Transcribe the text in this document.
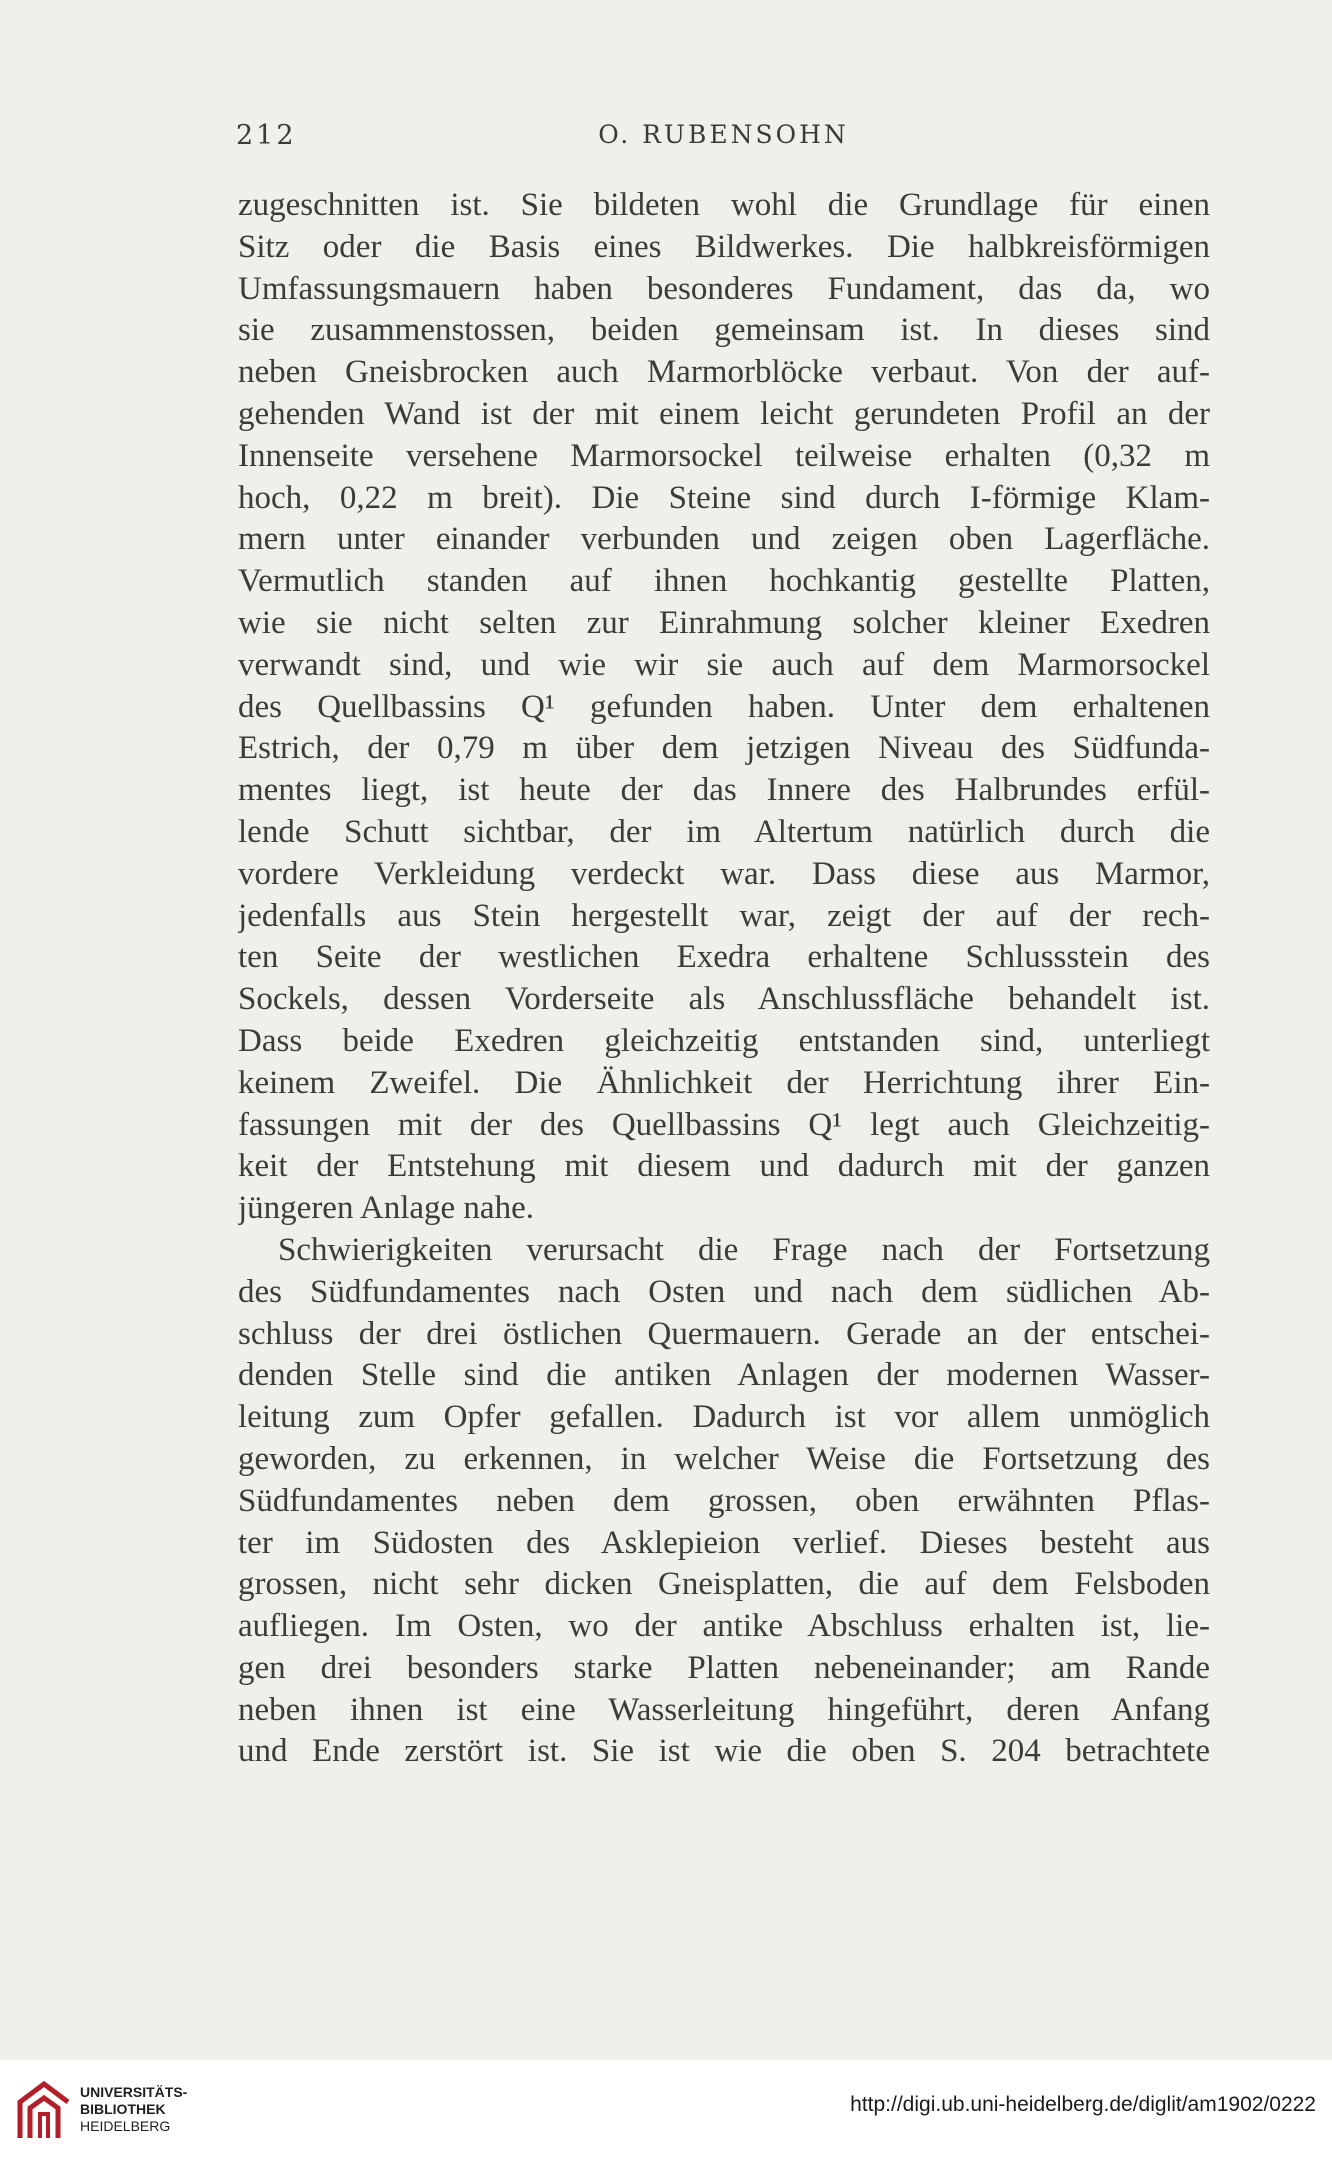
212	O. RUBENSOHN
zugeschnitten ist. Sie bildeten wohl die Grundlage für einen
Sitz oder die Basis eines Bildwerkes. Die halbkreisförmigen
Umfassungsmauern haben besonderes Fundament, das da, wo
sie zusammenstossen, beiden gemeinsam ist. In dieses sind
neben Gneisbrocken auch Marmorblöcke verbaut. Von der auf-
gehenden Wand ist der mit einem leicht gerundeten Profil an der
Innenseite versehene Marmorsockel teilweise erhalten (0,32 m
hoch, 0,22 m breit). Die Steine sind durch I-förmige Klam-
mern unter einander verbunden und zeigen oben Lagerfläche.
Vermutlich standen auf ihnen hochkantig gestellte Platten,
wie sie nicht selten zur Einrahmung solcher kleiner Exedren
verwandt sind, und wie wir sie auch auf dem Marmorsockel
des Quellbassins Q¹ gefunden haben. Unter dem erhaltenen
Estrich, der 0,79 m über dem jetzigen Niveau des Südfunda-
mentes liegt, ist heute der das Innere des Halbrundes erfül-
lende Schutt sichtbar, der im Altertum natürlich durch die
vordere Verkleidung verdeckt war. Dass diese aus Marmor,
jedenfalls aus Stein hergestellt war, zeigt der auf der rech-
ten Seite der westlichen Exedra erhaltene Schlussstein des
Sockels, dessen Vorderseite als Anschlussfläche behandelt ist.
Dass beide Exedren gleichzeitig entstanden sind, unterliegt
keinem Zweifel. Die Ähnlichkeit der Herrichtung ihrer Ein-
fassungen mit der des Quellbassins Q¹ legt auch Gleichzeitig-
keit der Entstehung mit diesem und dadurch mit der ganzen
jüngeren Anlage nahe.
Schwierigkeiten verursacht die Frage nach der Fortsetzung
des Südfundamentes nach Osten und nach dem südlichen Ab-
schluss der drei östlichen Quermauern. Gerade an der entschei-
denden Stelle sind die antiken Anlagen der modernen Wasser-
leitung zum Opfer gefallen. Dadurch ist vor allem unmöglich
geworden, zu erkennen, in welcher Weise die Fortsetzung des
Südfundamentes neben dem grossen, oben erwähnten Pflas-
ter im Südosten des Asklepieion verlief. Dieses besteht aus
grossen, nicht sehr dicken Gneisplatten, die auf dem Felsboden
aufliegen. Im Osten, wo der antike Abschluss erhalten ist, lie-
gen drei besonders starke Platten nebeneinander; am Rande
neben ihnen ist eine Wasserleitung hingeführt, deren Anfang
und Ende zerstört ist. Sie ist wie die oben S. 204 betrachtete
UNIVERSITÄTS-
BIBLIOTHEK
HEIDELBERG
http://digi.ub.uni-heidelberg.de/diglit/am1902/0222
